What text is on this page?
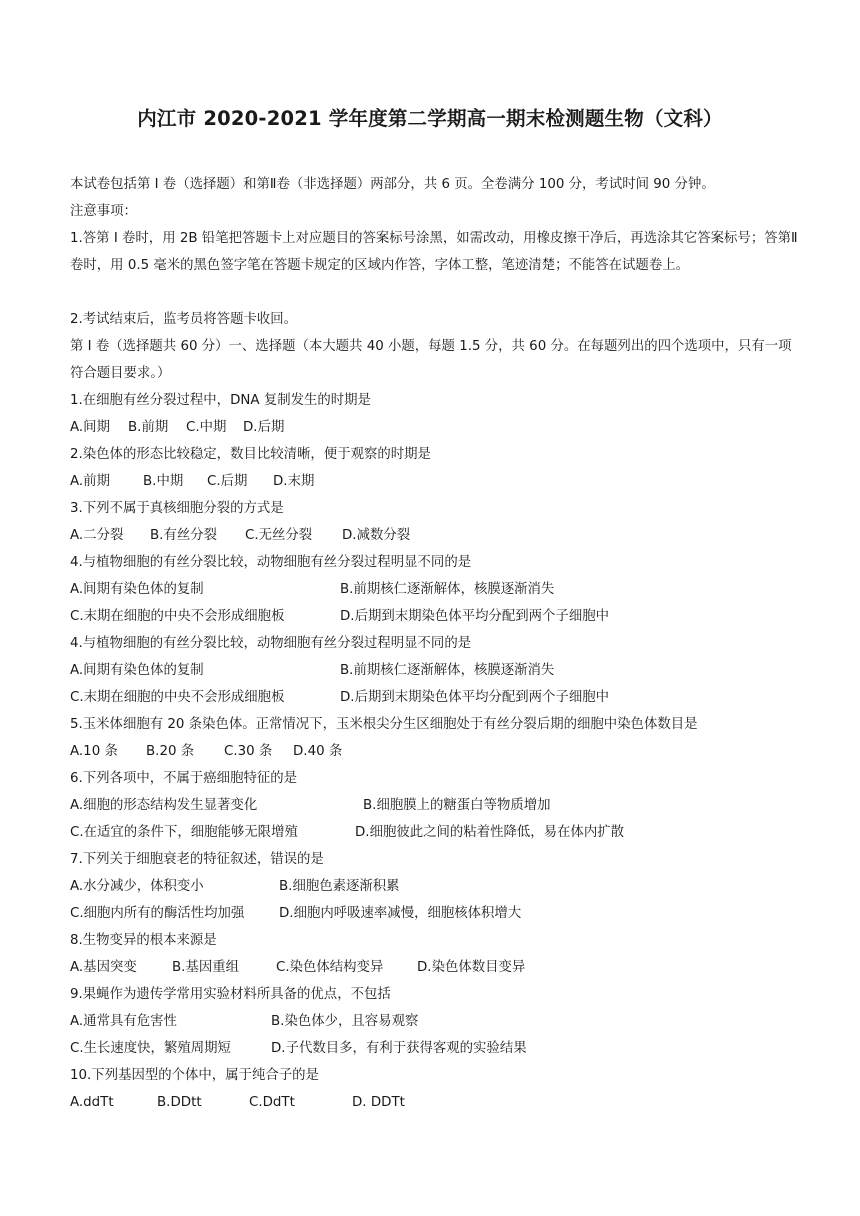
内江市 2020-2021 学年度第二学期高一期末检测题生物（文科）
本试卷包括第 I 卷（选择题）和第Ⅱ卷（非选择题）两部分，共 6 页。全卷满分 100 分，考试时间 90 分钟。
注意事项：
1.答第 I 卷时，用 2B 铅笔把答题卡上对应题目的答案标号涂黑，如需改动，用橡皮擦干净后，再选涂其它答案标号；答第Ⅱ卷时，用 0.5 毫米的黑色签字笔在答题卡规定的区域内作答，字体工整，笔迹清楚；不能答在试题卷上。
2.考试结束后，监考员将答题卡收回。
第 I 卷（选择题共 60 分）一、选择题（本大题共 40 小题，每题 1.5 分，共 60 分。在每题列出的四个选项中，只有一项符合题目要求。）
1.在细胞有丝分裂过程中，DNA 复制发生的时期是
A.间期 B.前期 C.中期 D.后期
2.染色体的形态比较稳定，数目比较清晰，便于观察的时期是
A.前期 B.中期 C.后期 D.末期
3.下列不属于真核细胞分裂的方式是
A.二分裂 B.有丝分裂 C.无丝分裂 D.减数分裂
4.与植物细胞的有丝分裂比较，动物细胞有丝分裂过程明显不同的是
A.间期有染色体的复制	B.前期核仁逐渐解体，核膜逐渐消失
C.末期在细胞的中央不会形成细胞板	D.后期到末期染色体平均分配到两个子细胞中
4.与植物细胞的有丝分裂比较，动物细胞有丝分裂过程明显不同的是
A.间期有染色体的复制	B.前期核仁逐渐解体，核膜逐渐消失
C.末期在细胞的中央不会形成细胞板	D.后期到末期染色体平均分配到两个子细胞中
5.玉米体细胞有 20 条染色体。正常情况下，玉米根尖分生区细胞处于有丝分裂后期的细胞中染色体数目是
A.10 条 B.20 条 C.30 条 D.40 条
6.下列各项中，不属于癌细胞特征的是
A.细胞的形态结构发生显著变化	B.细胞膜上的糖蛋白等物质增加
C.在适宜的条件下，细胞能够无限增殖	D.细胞彼此之间的粘着性降低，易在体内扩散
7.下列关于细胞衰老的特征叙述，错误的是
A.水分减少，体积变小	B.细胞色素逐渐积累
C.细胞内所有的酶活性均加强	D.细胞内呼吸速率减慢，细胞核体积增大
8.生物变异的根本来源是
A.基因突变	B.基因重组	C.染色体结构变异	D.染色体数目变异
9.果蝇作为遗传学常用实验材料所具备的优点，不包括
A.通常具有危害性	B.染色体少，且容易观察
C.生长速度快，繁殖周期短	D.子代数目多，有利于获得客观的实验结果
10.下列基因型的个体中，属于纯合子的是
A.ddTt	B.DDtt	C.DdTt	D. DDTt
